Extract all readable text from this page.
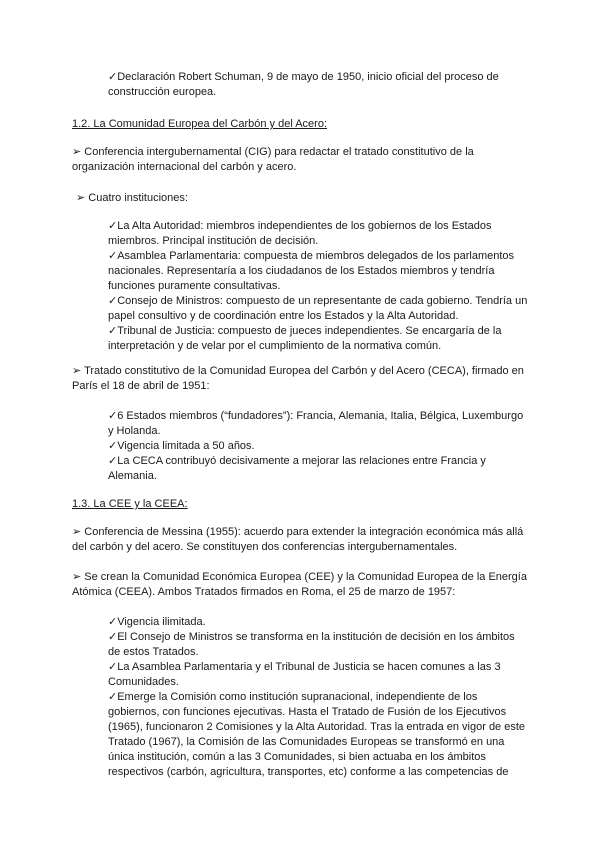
✓Declaración Robert Schuman, 9 de mayo de 1950, inicio oficial del proceso de construcción europea.

1.2. La Comunidad Europea del Carbón y del Acero:

➢ Conferencia intergubernamental (CIG) para redactar el tratado constitutivo de la organización internacional del carbón y acero.

➢ Cuatro instituciones:

✓La Alta Autoridad: miembros independientes de los gobiernos de los Estados miembros. Principal institución de decisión.
✓Asamblea Parlamentaria: compuesta de miembros delegados de los parlamentos nacionales. Representaría a los ciudadanos de los Estados miembros y tendría funciones puramente consultativas.
✓Consejo de Ministros: compuesto de un representante de cada gobierno. Tendría un papel consultivo y de coordinación entre los Estados y la Alta Autoridad.
✓Tribunal de Justicia: compuesto de jueces independientes. Se encargaría de la interpretación y de velar por el cumplimiento de la normativa común.

➢ Tratado constitutivo de la Comunidad Europea del Carbón y del Acero (CECA), firmado en París el 18 de abril de 1951:

✓6 Estados miembros (“fundadores”): Francia, Alemania, Italia, Bélgica, Luxemburgo y Holanda.
✓Vigencia limitada a 50 años.
✓La CECA contribuyó decisivamente a mejorar las relaciones entre Francia y Alemania.

1.3. La CEE y la CEEA:

➢ Conferencia de Messina (1955): acuerdo para extender la integración económica más allá del carbón y del acero. Se constituyen dos conferencias intergubernamentales.

➢ Se crean la Comunidad Económica Europea (CEE) y la Comunidad Europea de la Energía Atómica (CEEA). Ambos Tratados firmados en Roma, el 25 de marzo de 1957:

✓Vigencia ilimitada.
✓El Consejo de Ministros se transforma en la institución de decisión en los ámbitos de estos Tratados.
✓La Asamblea Parlamentaria y el Tribunal de Justicia se hacen comunes a las 3 Comunidades.
✓Emerge la Comisión como institución supranacional, independiente de los gobiernos, con funciones ejecutivas. Hasta el Tratado de Fusión de los Ejecutivos (1965), funcionaron 2 Comisiones y la Alta Autoridad. Tras la entrada en vigor de este Tratado (1967), la Comisión de las Comunidades Europeas se transformó en una única institución, común a las 3 Comunidades, si bien actuaba en los ámbitos respectivos (carbón, agricultura, transportes, etc) conforme a las competencias de
